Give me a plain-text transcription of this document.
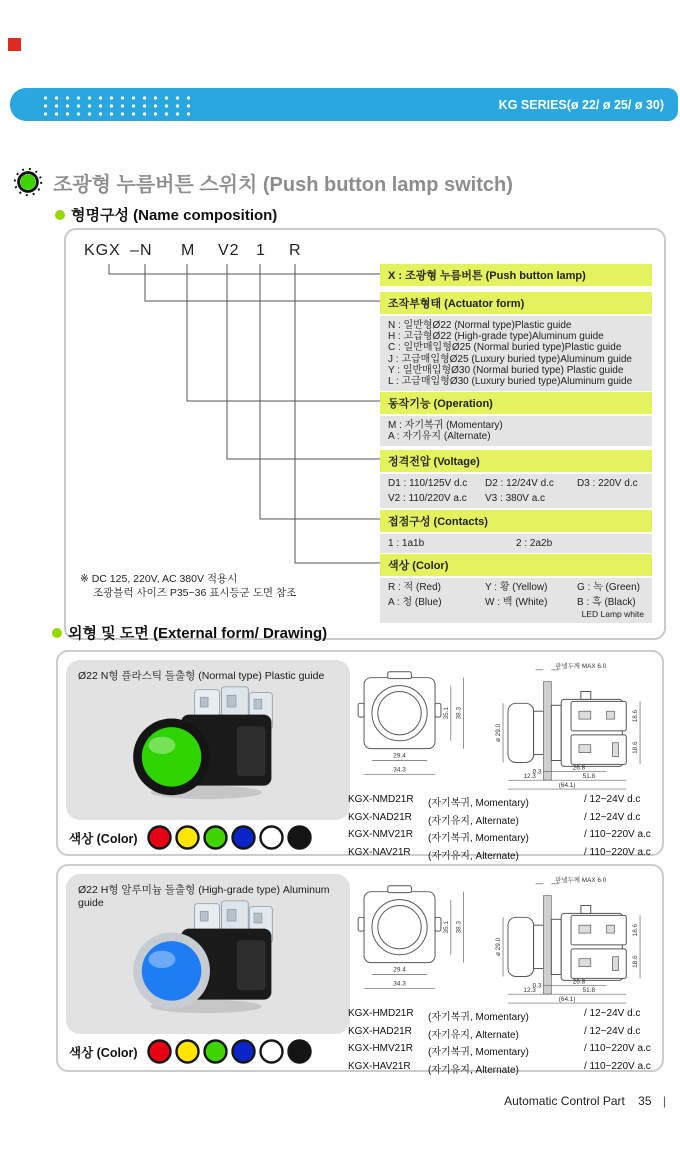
KG SERIES(ø 22/ ø 25/ ø 30)
조광형 누름버튼 스위치 (Push button lamp switch)
형명구성 (Name composition)
KGX – N M V2 1 R
X : 조광형 누름버튼 (Push button lamp)
조작부형태 (Actuator form)
N : 일반형Ø22 (Normal type)Plastic guide
H : 고급형Ø22 (High-grade type)Aluminum guide
C : 일반매입형Ø25 (Normal buried type)Plastic guide
J : 고급매입형Ø25 (Luxury buried type)Aluminum guide
Y : 일반매입형Ø30 (Normal buried type) Plastic guide
L : 고급매입형Ø30 (Luxury buried type)Aluminum guide
동작기능 (Operation)
M : 자기복귀 (Momentary)
A : 자기유지 (Alternate)
정격전압 (Voltage)
D1 : 110/125V d.c	D2 : 12/24V d.c	D3 : 220V d.c
V2 : 110/220V a.c	V3 : 380V a.c
접점구성 (Contacts)
1 : 1a1b	2 : 2a2b
색상 (Color)
R : 적 (Red)	Y : 황 (Yellow)	G : 녹 (Green)
A : 청 (Blue)	W : 백 (White)	B : 흑 (Black)
LED Lamp white
※ DC 125, 220V, AC 380V 적용시
조광블럭 사이즈 P35~36 표시등군 도면 참조
외형 및 도면 (External form/ Drawing)
Ø22 N형 플라스틱 돌출형 (Normal type) Plastic guide
색상 (Color)
35.1 38.3
29.4
34.3
판넬두께 MAX 6.0
ø 29.0
18.6
18.6
0.3
26.8
12.3	51.8
(64.1)
KGX-NMD21R	(자기복귀, Momentary)	/ 12~24V d.c
KGX-NAD21R	(자기유지, Alternate)	/ 12~24V d.c
KGX-NMV21R	(자기복귀, Momentary)	/ 110~220V a.c
KGX-NAV21R	(자기유지, Alternate)	/ 110~220V a.c
Ø22 H형 알루미늄 돌출형 (High-grade type) Aluminum guide
색상 (Color)
35.1 38.3
29.4
34.3
판넬두께 MAX 6.0
ø 29.0
18.6
18.6
0.3
26.8
12.3	51.8
(64.1)
KGX-HMD21R	(자기복귀, Momentary)	/ 12~24V d.c
KGX-HAD21R	(자기유지, Alternate)	/ 12~24V d.c
KGX-HMV21R	(자기복귀, Momentary)	/ 110~220V a.c
KGX-HAV21R	(자기유지, Alternate)	/ 110~220V a.c
Automatic Control Part 35 |
